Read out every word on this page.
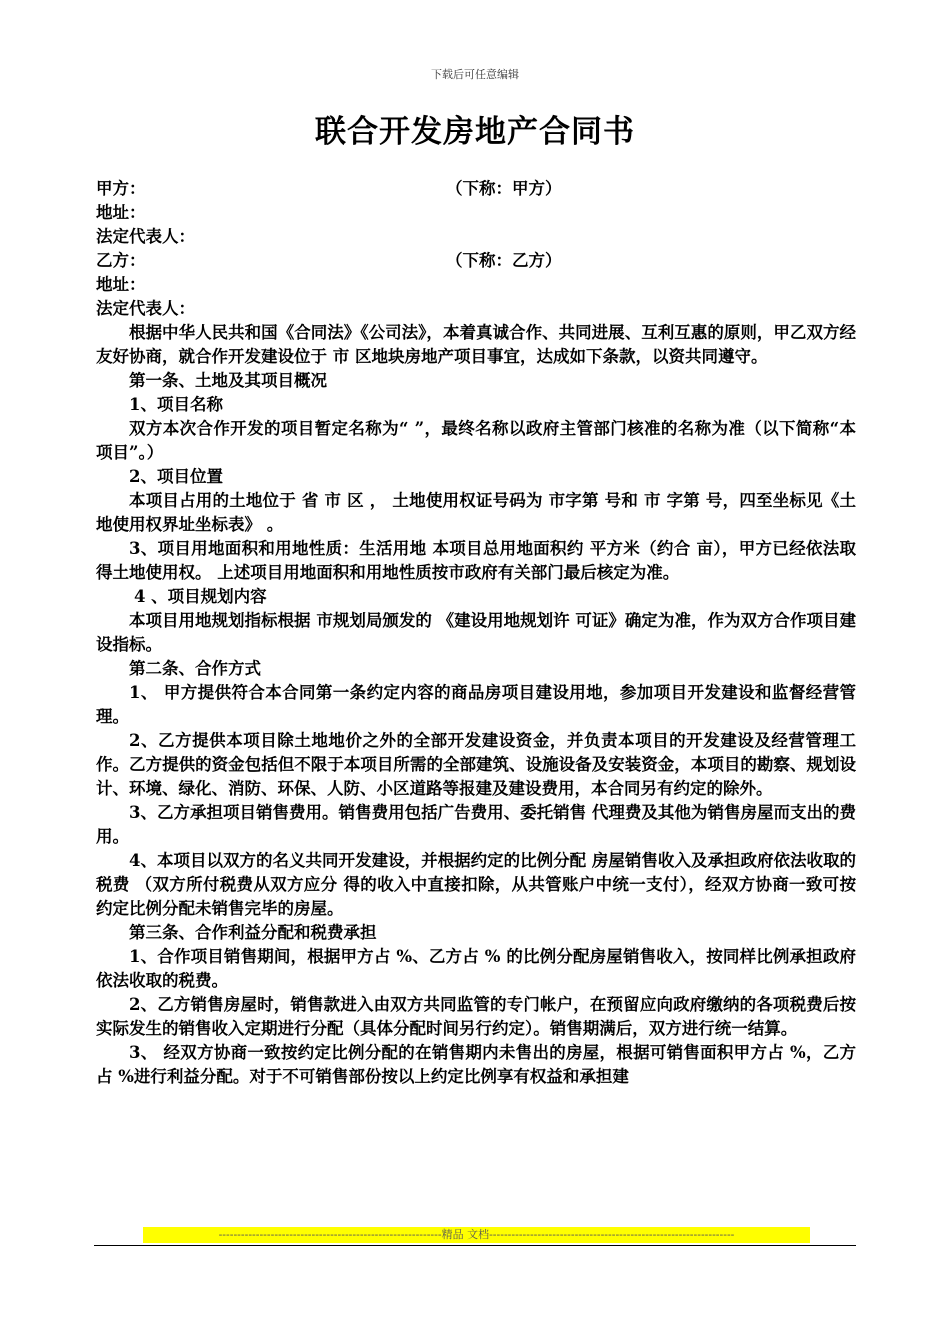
下载后可任意编辑
联合开发房地产合同书
甲方：	（下称：甲方）
地址：
法定代表人：
乙方：	（下称：乙方）
地址：
法定代表人：

根据中华人民共和国《合同法》《公司法》，本着真诚合作、共同进展、互利互惠的原则，甲乙双方经友好协商，就合作开发建设位于 市 区地块房地产项目事宜，达成如下条款，以资共同遵守。

第一条、土地及其项目概况

1、项目名称

双方本次合作开发的项目暂定名称为“ ”，最终名称以政府主管部门核准的名称为准（以下简称“本项目”。）

2、项目位置

本项目占用的土地位于 省 市 区 ， 土地使用权证号码为 市字第 号和 市 字第 号，四至坐标见《土地使用权界址坐标表》 。

3、项目用地面积和用地性质：生活用地 本项目总用地面积约 平方米（约合 亩），甲方已经依法取得土地使用权。 上述项目用地面积和用地性质按市政府有关部门最后核定为准。

4 、项目规划内容

本项目用地规划指标根据 市规划局颁发的 《建设用地规划许 可证》确定为准，作为双方合作项目建设指标。

第二条、合作方式

1、 甲方提供符合本合同第一条约定内容的商品房项目建设用地，参加项目开发建设和监督经营管理。

2、乙方提供本项目除土地地价之外的全部开发建设资金，并负责本项目的开发建设及经营管理工作。乙方提供的资金包括但不限于本项目所需的全部建筑、设施设备及安装资金，本项目的勘察、规划设计、环境、绿化、消防、环保、人防、小区道路等报建及建设费用，本合同另有约定的除外。

3、乙方承担项目销售费用。销售费用包括广告费用、委托销售 代理费及其他为销售房屋而支出的费用。

4、本项目以双方的名义共同开发建设，并根据约定的比例分配 房屋销售收入及承担政府依法收取的税费 （双方所付税费从双方应分 得的收入中直接扣除，从共管账户中统一支付），经双方协商一致可按约定比例分配未销售完毕的房屋。

第三条、合作利益分配和税费承担

1、合作项目销售期间，根据甲方占 %、乙方占 % 的比例分配房屋销售收入，按同样比例承担政府依法收取的税费。

2、乙方销售房屋时，销售款进入由双方共同监管的专门帐户，在预留应向政府缴纳的各项税费后按实际发生的销售收入定期进行分配（具体分配时间另行约定）。销售期满后，双方进行统一结算。

3、 经双方协商一致按约定比例分配的在销售期内未售出的房屋，根据可销售面积甲方占 %，乙方占 %进行利益分配。对于不可销售部份按以上约定比例享有权益和承担建

------------------------------------------------------------精品 文档------------------------------------------------------------------
